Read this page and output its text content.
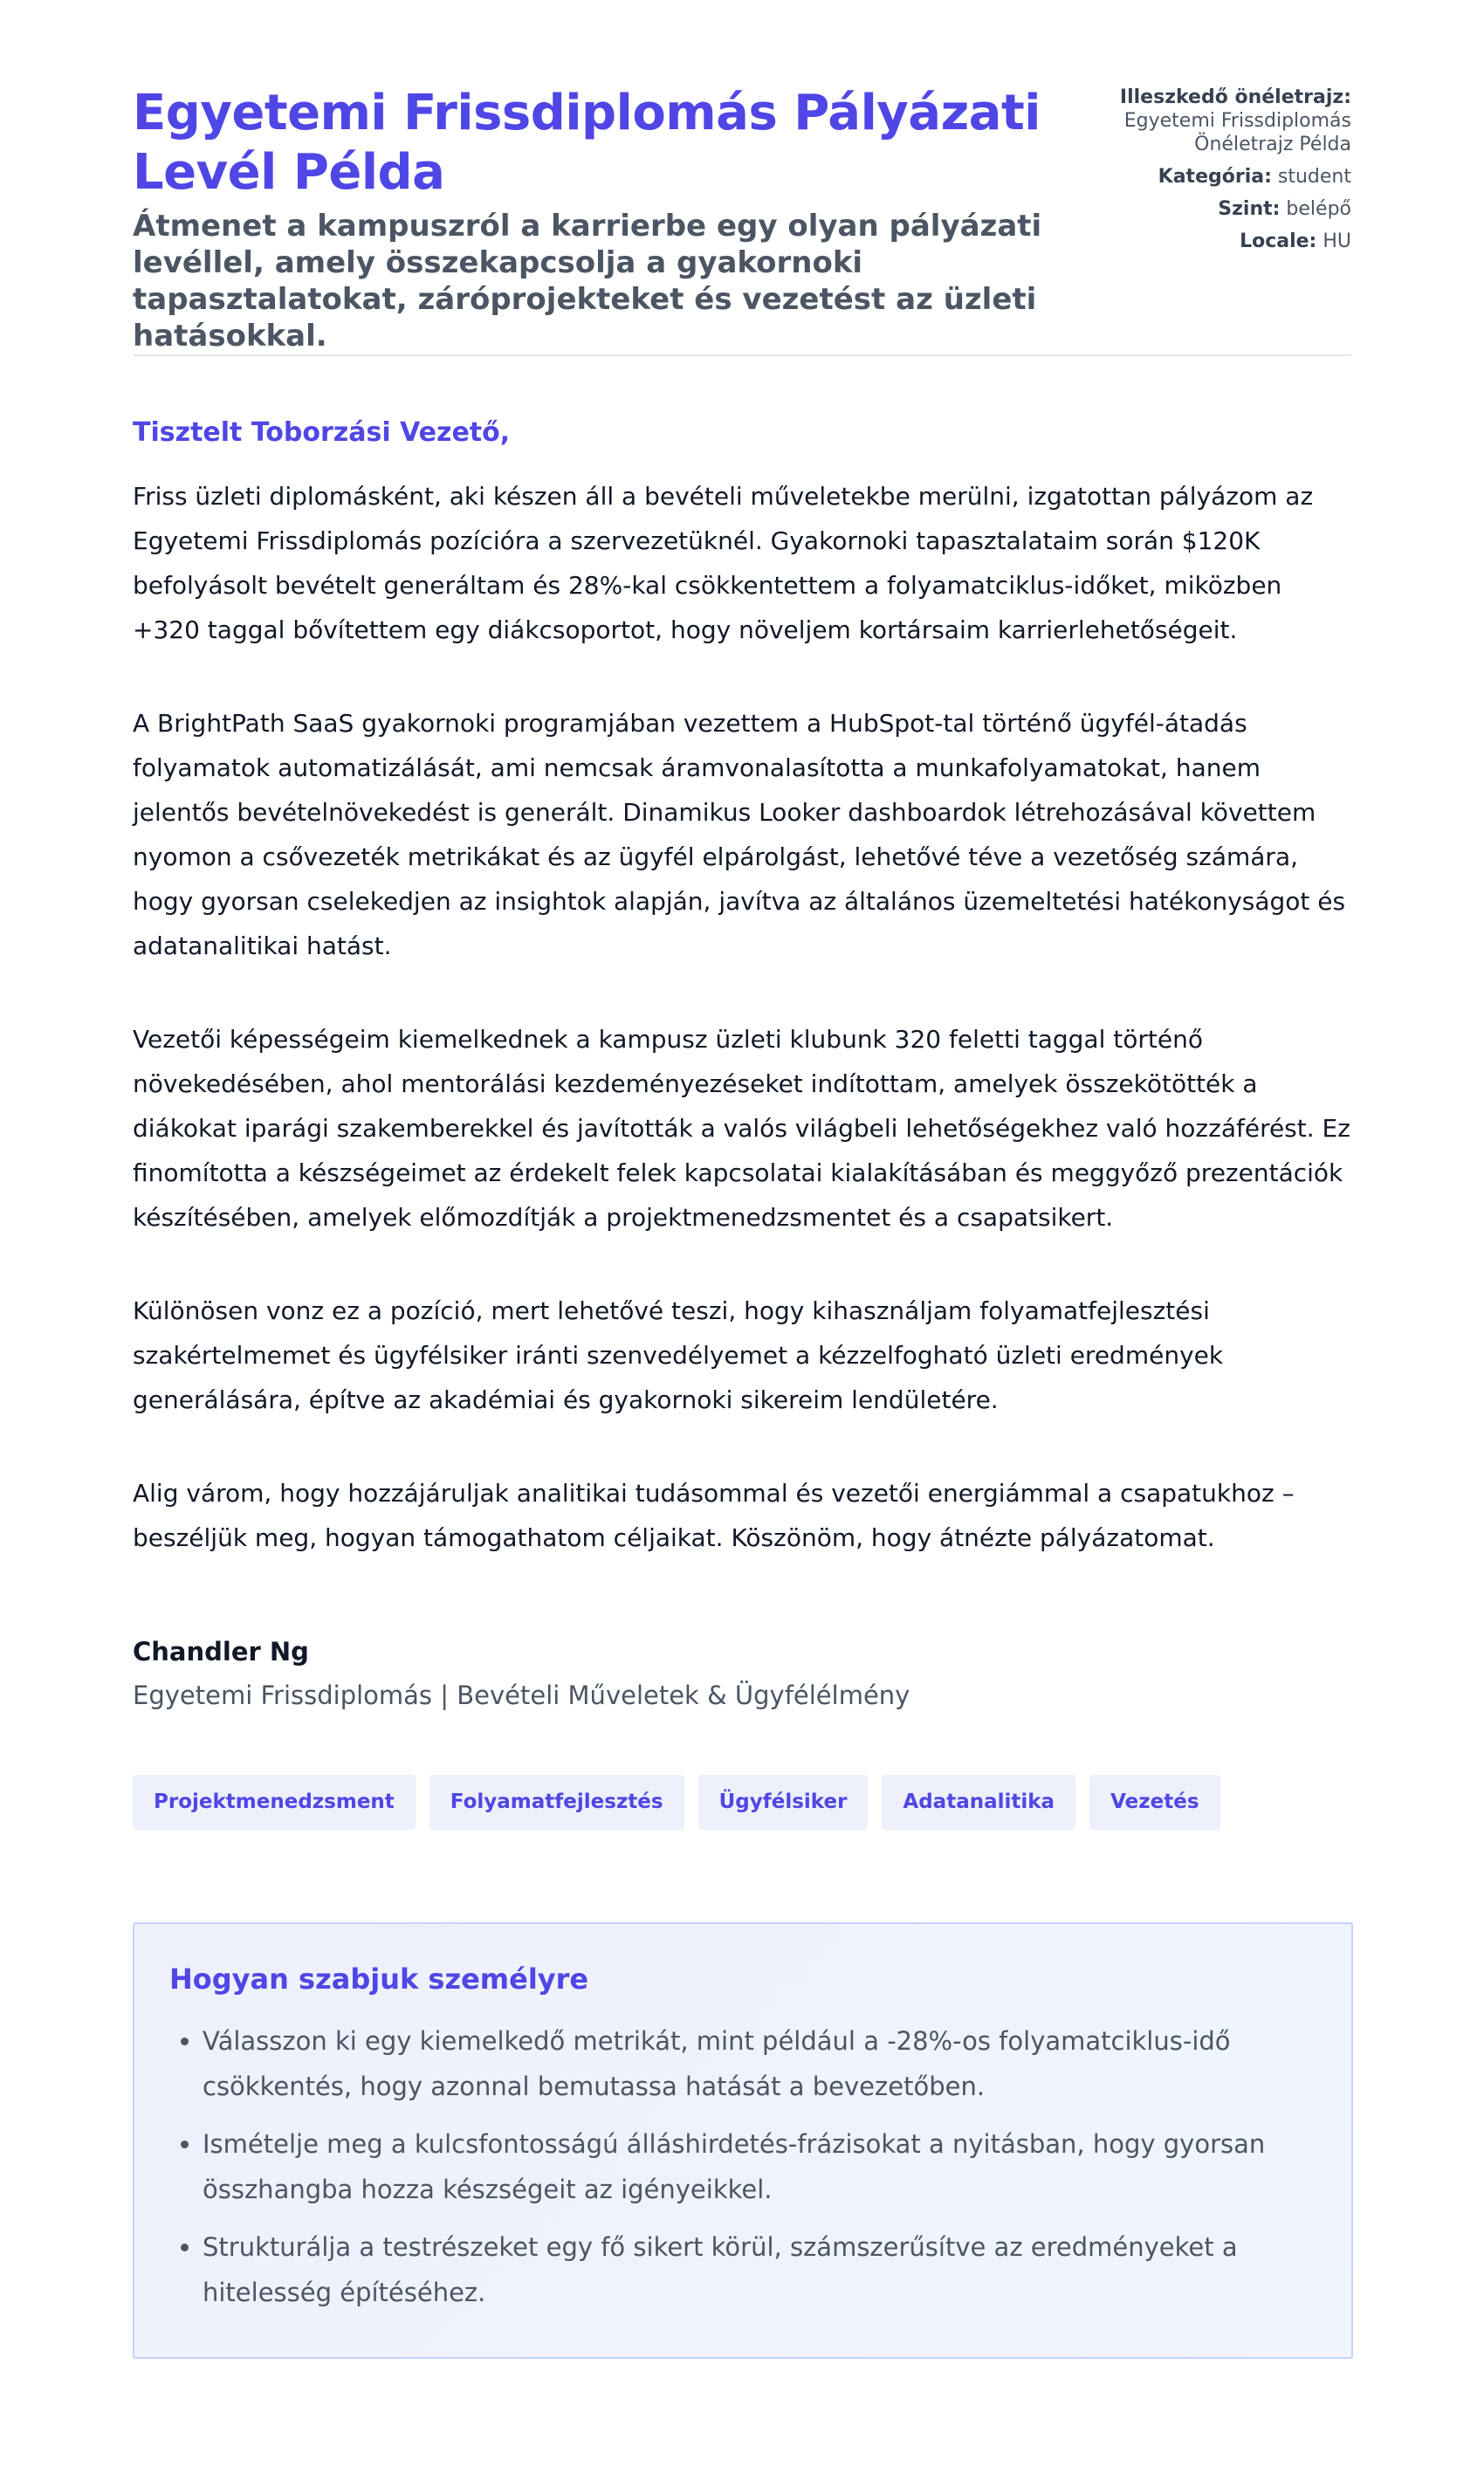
Egyetemi Frissdiplomás Pályázati Levél Példa
Átmenet a kampuszról a karrierbe egy olyan pályázati levéllel, amely összekapcsolja a gyakornoki tapasztalatokat, záróprojekteket és vezetést az üzleti hatásokkal.
Illeszkedő önéletrajz:
Egyetemi Frissdiplomás Önéletrajz Példa
Kategória: student
Szint: belépő
Locale: HU
Tisztelt Toborzási Vezető,

Friss üzleti diplomásként, aki készen áll a bevételi műveletekbe merülni, izgatottan pályázom az Egyetemi Frissdiplomás pozícióra a szervezetüknél. Gyakornoki tapasztalataim során $120K befolyásolt bevételt generáltam és 28%-kal csökkentettem a folyamatciklus-időket, miközben +320 taggal bővítettem egy diákcsoportot, hogy növeljem kortársaim karrierlehetőségeit.

A BrightPath SaaS gyakornoki programjában vezettem a HubSpot-tal történő ügyfél-átadás folyamatok automatizálását, ami nemcsak áramvonalasította a munkafolyamatokat, hanem jelentős bevételnövekedést is generált. Dinamikus Looker dashboardok létrehozásával követtem nyomon a csővezeték metrikákat és az ügyfél elpárolgást, lehetővé téve a vezetőség számára, hogy gyorsan cselekedjen az insightok alapján, javítva az általános üzemeltetési hatékonyságot és adatanalitikai hatást.

Vezetői képességeim kiemelkednek a kampusz üzleti klubunk 320 feletti taggal történő növekedésében, ahol mentorálási kezdeményezéseket indítottam, amelyek összekötötték a diákokat iparági szakemberekkel és javították a valós világbeli lehetőségekhez való hozzáférést. Ez finomította a készségeimet az érdekelt felek kapcsolatai kialakításában és meggyőző prezentációk készítésében, amelyek előmozdítják a projektmenedzsmentet és a csapatsikert.

Különösen vonz ez a pozíció, mert lehetővé teszi, hogy kihasználjam folyamatfejlesztési szakértelmemet és ügyfélsiker iránti szenvedélyemet a kézzelfogható üzleti eredmények generálására, építve az akadémiai és gyakornoki sikereim lendületére.

Alig várom, hogy hozzájáruljak analitikai tudásommal és vezetői energiámmal a csapatukhoz – beszéljük meg, hogyan támogathatom céljaikat. Köszönöm, hogy átnézte pályázatomat.

Chandler Ng
Egyetemi Frissdiplomás | Bevételi Műveletek & Ügyfélélmény
Projektmenedzsment	Folyamatfejlesztés	Ügyfélsiker	Adatanalitika	Vezetés
Hogyan szabjuk személyre
• Válasszon ki egy kiemelkedő metrikát, mint például a -28%-os folyamatciklus-idő csökkentés, hogy azonnal bemutassa hatását a bevezetőben.
• Ismételje meg a kulcsfontosságú álláshirdetés-frázisokat a nyitásban, hogy gyorsan összhangba hozza készségeit az igényeikkel.
• Strukturálja a testrészeket egy fő sikert körül, számszerűsítve az eredményeket a hitelesség építéséhez.
